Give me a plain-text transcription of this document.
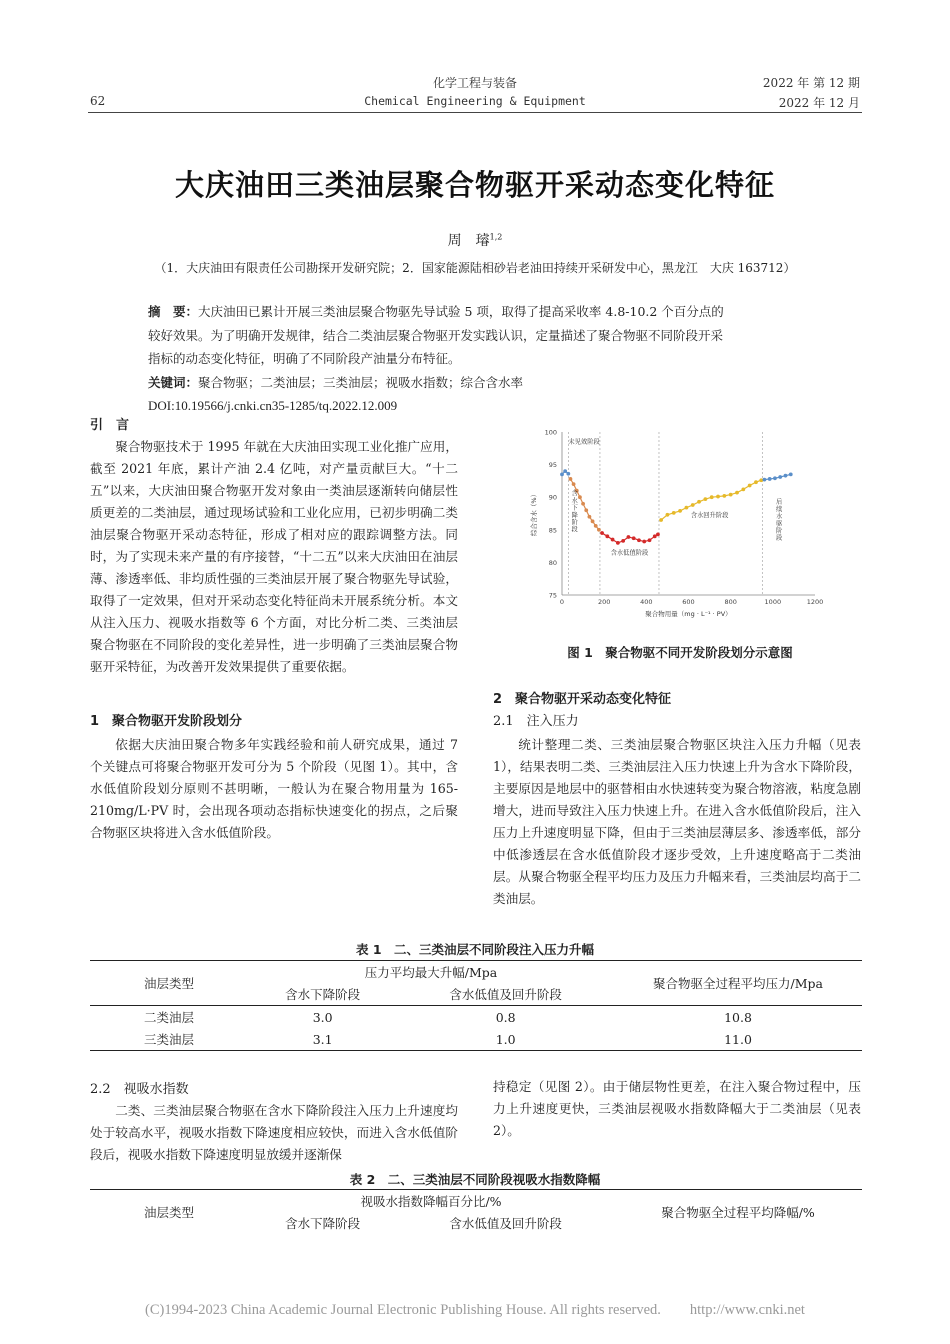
化学工程与装备
Chemical Engineering & Equipment
62
2022 年 第 12 期
2022 年 12 月
大庆油田三类油层聚合物驱开采动态变化特征
周　璿$^{1,2}$
（1．大庆油田有限责任公司勘探开发研究院；2．国家能源陆相砂岩老油田持续开采研发中心，黑龙江　大庆 163712）
摘　要：大庆油田已累计开展三类油层聚合物驱先导试验 5 项，取得了提高采收率 4.8-10.2 个百分点的
较好效果。为了明确开发规律，结合二类油层聚合物驱开发实践认识，定量描述了聚合物驱不同阶段开采
指标的动态变化特征，明确了不同阶段产油量分布特征。
关键词：聚合物驱；二类油层；三类油层；视吸水指数；综合含水率
DOI:10.19566/j.cnki.cn35-1285/tq.2022.12.009
引　言
聚合物驱技术于 1995 年就在大庆油田实现工业化推广应用，截至 2021 年底，累计产油 2.4 亿吨，对产量贡献巨大。“十二五”以来，大庆油田聚合物驱开发对象由一类油层逐渐转向储层性质更差的二类油层，通过现场试验和工业化应用，已初步明确二类油层聚合物驱开采动态特征，形成了相对应的跟踪调整方法。同时，为了实现未来产量的有序接替，“十二五”以来大庆油田在油层薄、渗透率低、非均质性强的三类油层开展了聚合物驱先导试验，取得了一定效果，但对开采动态变化特征尚未开展系统分析。本文从注入压力、视吸水指数等 6 个方面，对比分析二类、三类油层聚合物驱在不同阶段的变化差异性，进一步明确了三类油层聚合物驱开采特征，为改善开发效果提供了重要依据。
1　聚合物驱开发阶段划分
依据大庆油田聚合物多年实践经验和前人研究成果，通过 7 个关键点可将聚合物驱开发可分为 5 个阶段（见图 1）。其中，含水低值阶段划分原则不甚明晰，一般认为在聚合物用量为 165-210mg/L·PV 时，会出现各项动态指标快速变化的拐点，之后聚合物驱区块将进入含水低值阶段。
75
80
85
90
95
100
0	200	400	600	800	1000	1200
聚合物用量（mg · L⁻¹ · PV）
综合含水（%）
未见效阶段
含
水
下
降
阶
段
含水低值阶段
含水回升阶段
后
续
水
驱
阶
段
图 1　聚合物驱不同开发阶段划分示意图
2　聚合物驱开采动态变化特征
2.1　注入压力
统计整理二类、三类油层聚合物驱区块注入压力升幅（见表 1），结果表明二类、三类油层注入压力快速上升为含水下降阶段，主要原因是地层中的驱替相由水快速转变为聚合物溶液，粘度急剧增大，进而导致注入压力快速上升。在进入含水低值阶段后，注入压力上升速度明显下降，但由于三类油层薄层多、渗透率低，部分中低渗透层在含水低值阶段才逐步受效，上升速度略高于二类油层。从聚合物驱全程平均压力及压力升幅来看，三类油层均高于二类油层。
表 1　二、三类油层不同阶段注入压力升幅
油层类型	压力平均最大升幅/Mpa		聚合物驱全过程平均压力/Mpa
	含水下降阶段	含水低值及回升阶段	
二类油层	3.0	0.8	10.8
三类油层	3.1	1.0	11.0
2.2　视吸水指数
二类、三类油层聚合物驱在含水下降阶段注入压力上升速度均处于较高水平，视吸水指数下降速度相应较快，而进入含水低值阶段后，视吸水指数下降速度明显放缓并逐渐保
持稳定（见图 2）。由于储层物性更差，在注入聚合物过程中，压力上升速度更快，三类油层视吸水指数降幅大于二类油层（见表 2）。
表 2　二、三类油层不同阶段视吸水指数降幅
油层类型	视吸水指数降幅百分比/%		聚合物驱全过程平均降幅/%
	含水下降阶段	含水低值及回升阶段	
(C)1994-2023 China Academic Journal Electronic Publishing House. All rights reserved.　　http://www.cnki.net
